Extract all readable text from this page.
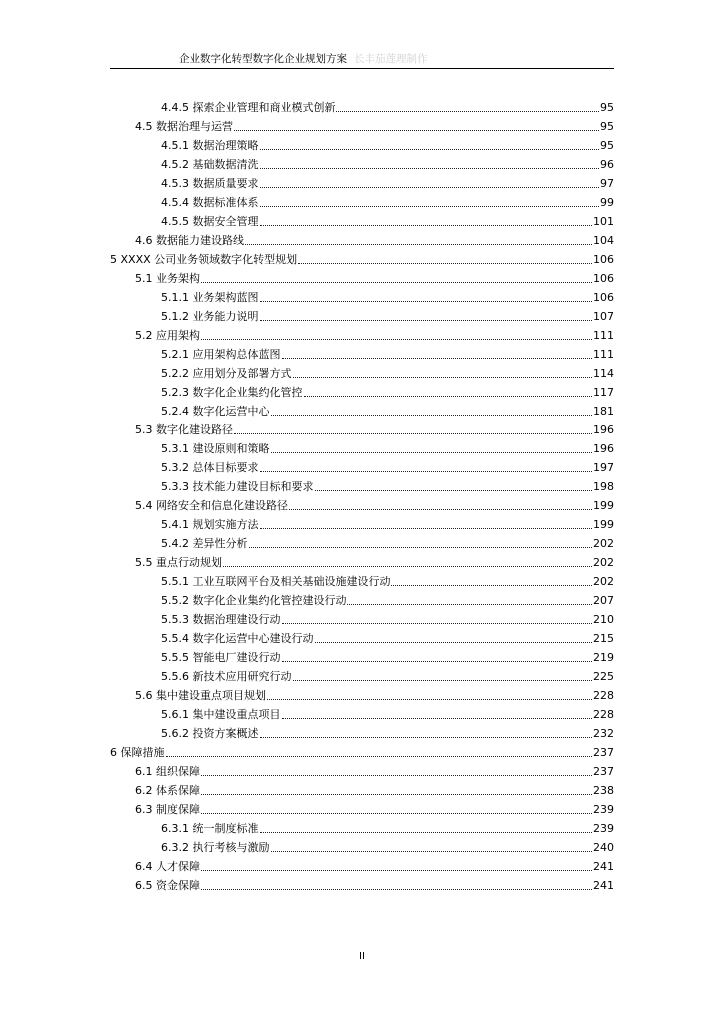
企业数字化转型数字化企业规划方案 长丰茄莲理制作
4.4.5 探索企业管理和商业模式创新	95
4.5 数据治理与运营	95
4.5.1 数据治理策略	95
4.5.2 基础数据清洗	96
4.5.3 数据质量要求	97
4.5.4 数据标准体系	99
4.5.5 数据安全管理	101
4.6 数据能力建设路线	104
5 XXXX 公司业务领域数字化转型规划	106
5.1 业务架构	106
5.1.1 业务架构蓝图	106
5.1.2 业务能力说明	107
5.2 应用架构	111
5.2.1 应用架构总体蓝图	111
5.2.2 应用划分及部署方式	114
5.2.3 数字化企业集约化管控	117
5.2.4 数字化运营中心	181
5.3 数字化建设路径	196
5.3.1 建设原则和策略	196
5.3.2 总体目标要求	197
5.3.3 技术能力建设目标和要求	198
5.4 网络安全和信息化建设路径	199
5.4.1 规划实施方法	199
5.4.2 差异性分析	202
5.5 重点行动规划	202
5.5.1 工业互联网平台及相关基础设施建设行动	202
5.5.2 数字化企业集约化管控建设行动	207
5.5.3 数据治理建设行动	210
5.5.4 数字化运营中心建设行动	215
5.5.5 智能电厂建设行动	219
5.5.6 新技术应用研究行动	225
5.6 集中建设重点项目规划	228
5.6.1 集中建设重点项目	228
5.6.2 投资方案概述	232
6 保障措施	237
6.1 组织保障	237
6.2 体系保障	238
6.3 制度保障	239
6.3.1 统一制度标准	239
6.3.2 执行考核与激励	240
6.4 人才保障	241
6.5 资金保障	241
II
